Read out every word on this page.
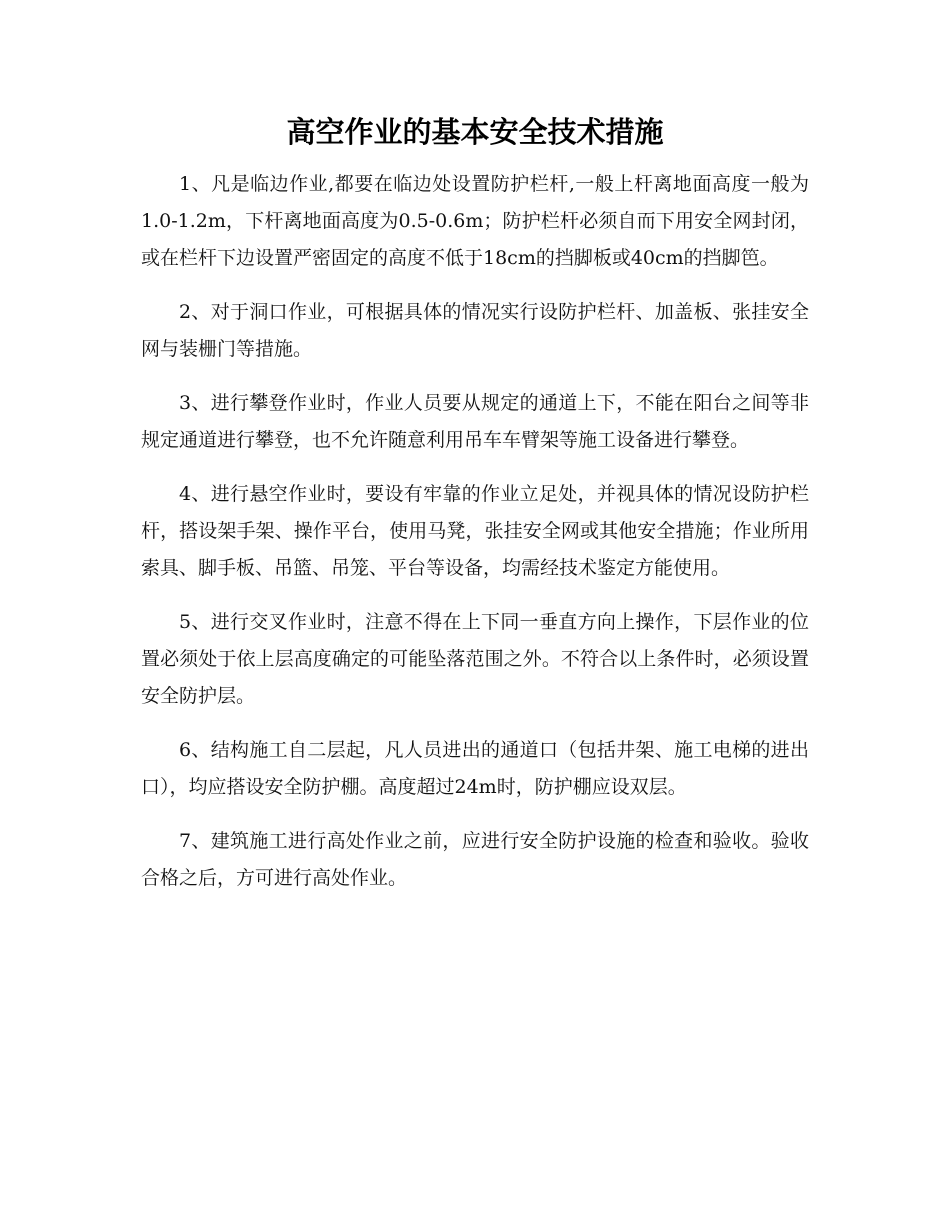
高空作业的基本安全技术措施

1、凡是临边作业,都要在临边处设置防护栏杆,一般上杆离地面高度一般为1.0-1.2m，下杆离地面高度为0.5-0.6m；防护栏杆必须自而下用安全网封闭，或在栏杆下边设置严密固定的高度不低于18cm的挡脚板或40cm的挡脚笆。

2、对于洞口作业，可根据具体的情况实行设防护栏杆、加盖板、张挂安全网与装栅门等措施。

3、进行攀登作业时，作业人员要从规定的通道上下，不能在阳台之间等非规定通道进行攀登，也不允许随意利用吊车车臂架等施工设备进行攀登。

4、进行悬空作业时，要设有牢靠的作业立足处，并视具体的情况设防护栏杆，搭设架手架、操作平台，使用马凳，张挂安全网或其他安全措施；作业所用索具、脚手板、吊篮、吊笼、平台等设备，均需经技术鉴定方能使用。

5、进行交叉作业时，注意不得在上下同一垂直方向上操作，下层作业的位置必须处于依上层高度确定的可能坠落范围之外。不符合以上条件时，必须设置安全防护层。

6、结构施工自二层起，凡人员进出的通道口（包括井架、施工电梯的进出口），均应搭设安全防护棚。高度超过24m时，防护棚应设双层。

7、建筑施工进行高处作业之前，应进行安全防护设施的检查和验收。验收合格之后，方可进行高处作业。
